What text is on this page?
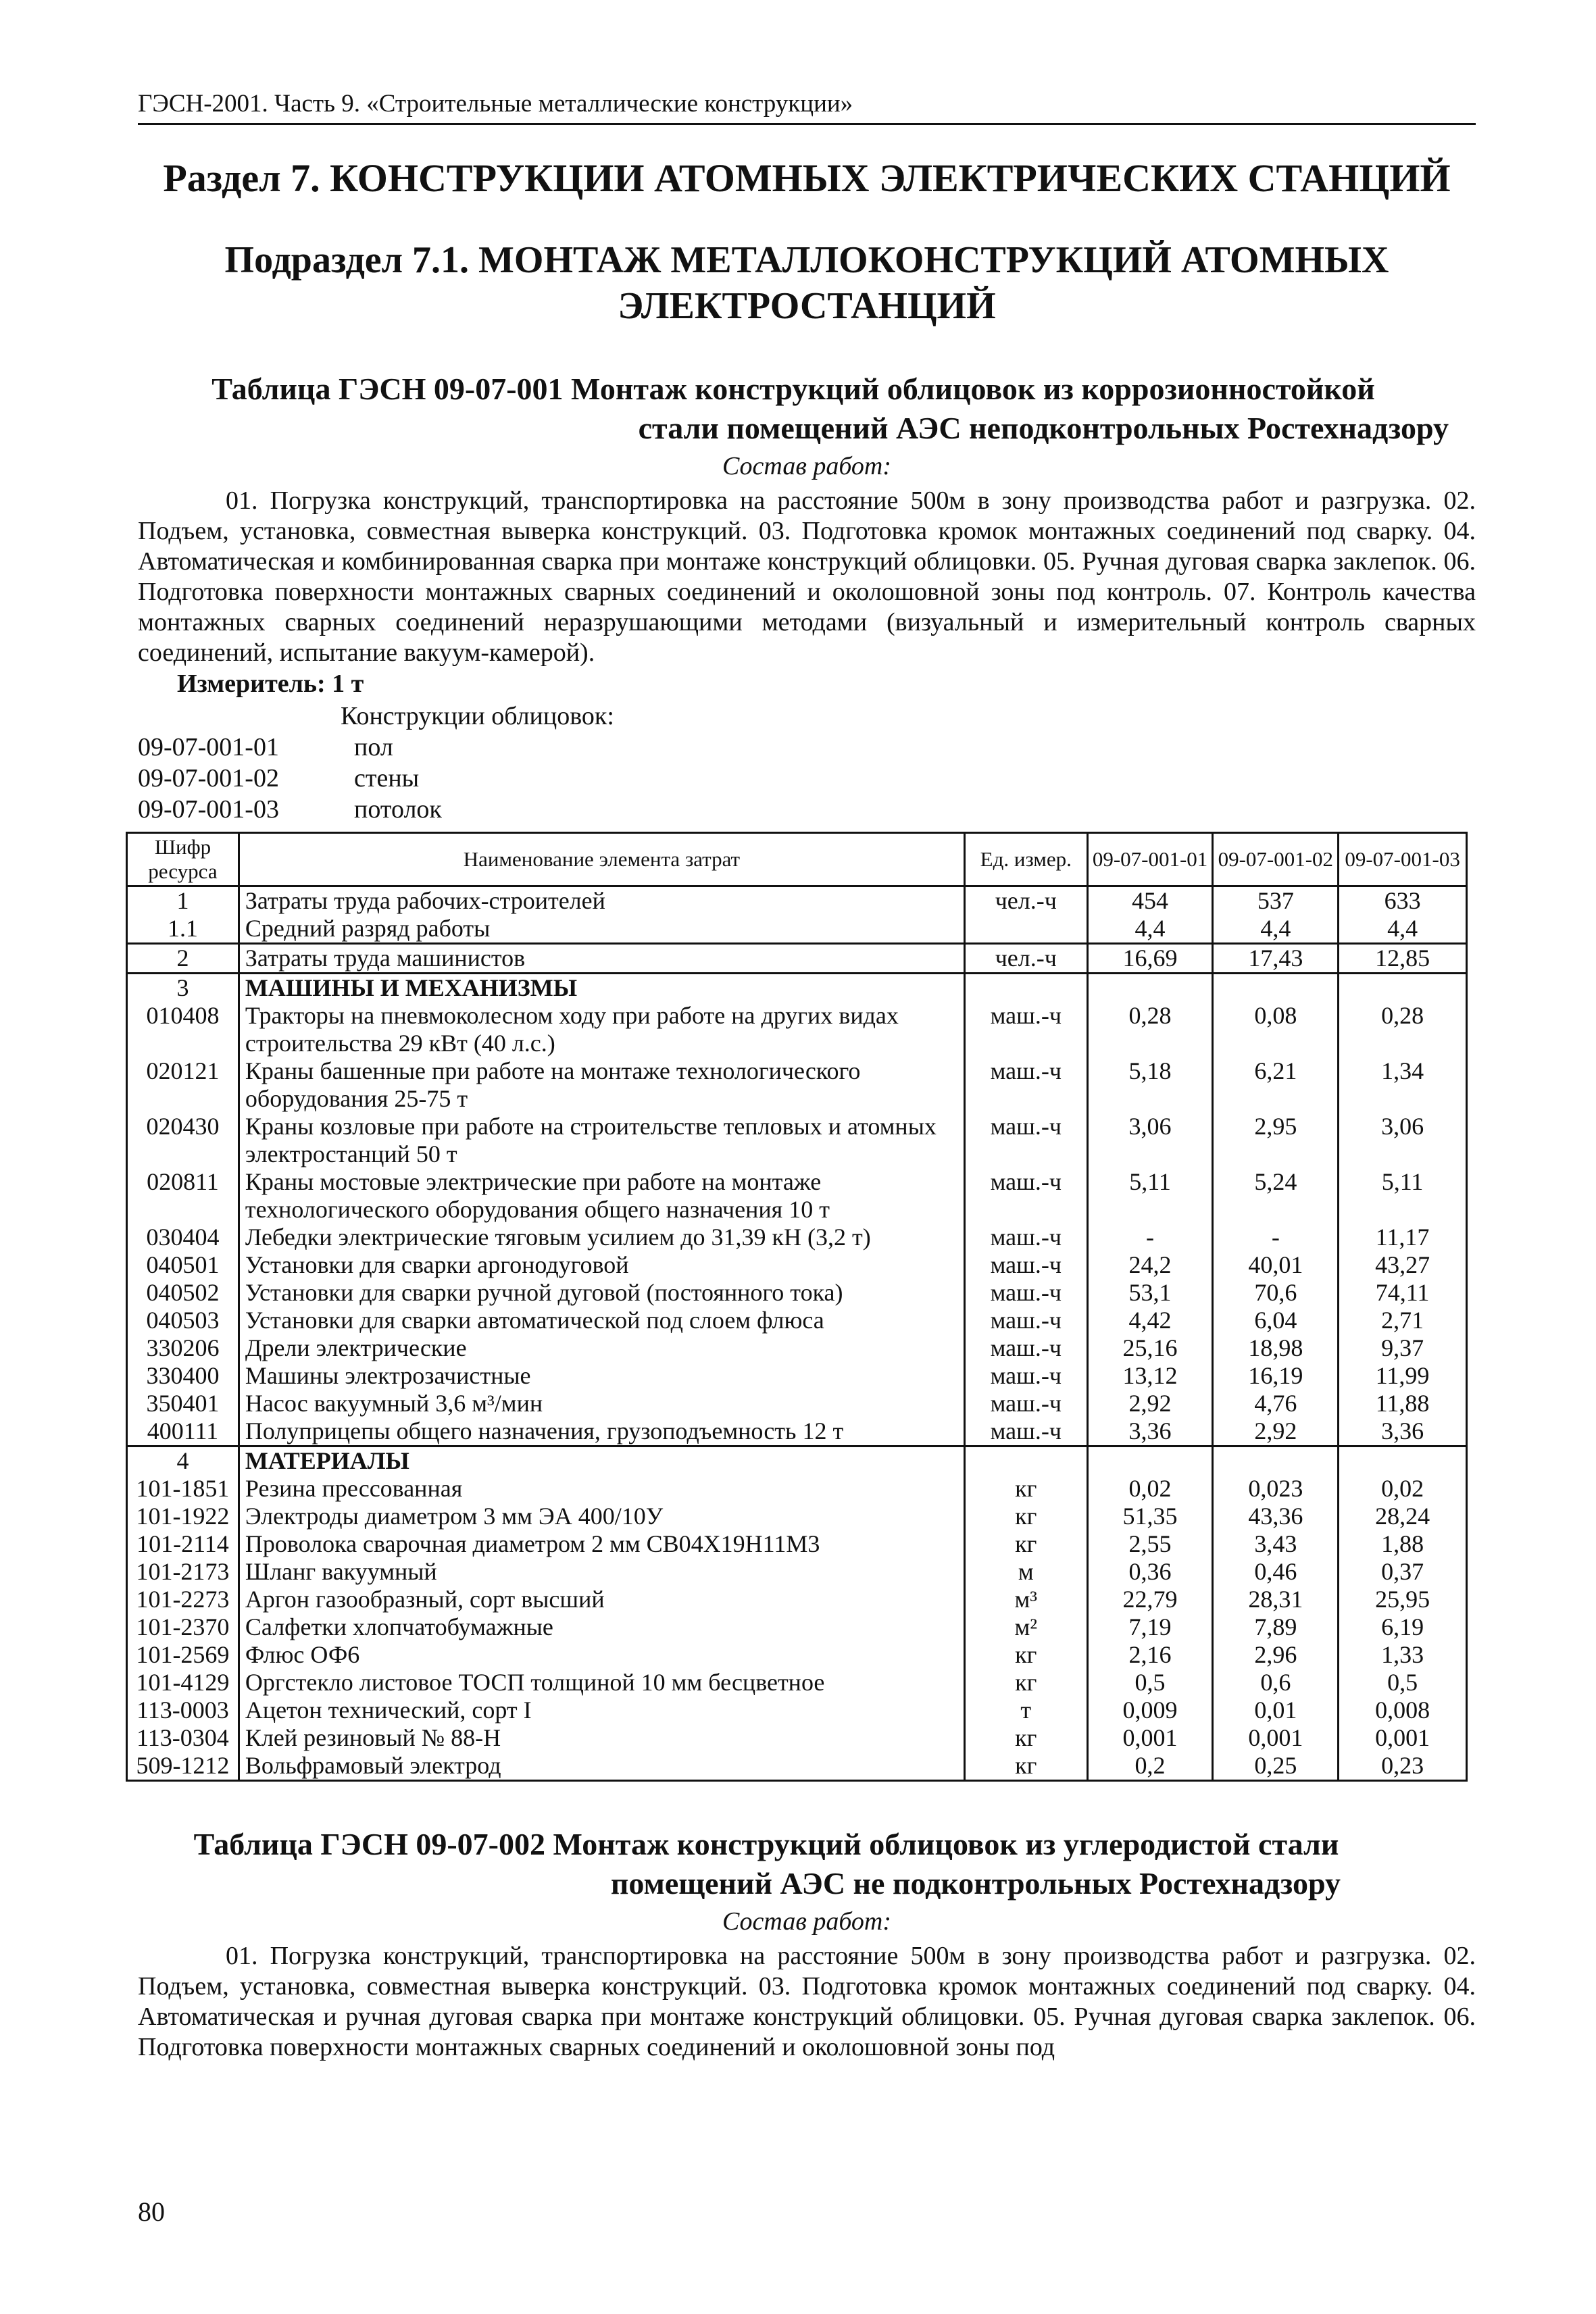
ГЭСН-2001. Часть 9. «Строительные металлические конструкции»
Раздел 7. КОНСТРУКЦИИ АТОМНЫХ ЭЛЕКТРИЧЕСКИХ СТАНЦИЙ
Подраздел 7.1. МОНТАЖ МЕТАЛЛОКОНСТРУКЦИЙ АТОМНЫХ
ЭЛЕКТРОСТАНЦИЙ
Таблица ГЭСН 09-07-001 Монтаж конструкций облицовок из коррозионностойкой
стали помещений АЭС неподконтрольных Ростехнадзору
Состав работ:

01. Погрузка конструкций, транспортировка на расстояние 500м в зону производства работ и разгрузка. 02. Подъем, установка, совместная выверка конструкций. 03. Подготовка кромок монтажных соединений под сварку. 04. Автоматическая и комбинированная сварка при монтаже конструкций облицовки. 05. Ручная дуговая сварка заклепок. 06. Подготовка поверхности монтажных сварных соединений и околошовной зоны под контроль. 07. Контроль качества монтажных сварных соединений неразрушающими методами (визуальный и измерительный контроль сварных соединений, испытание вакуум-камерой).

Измеритель: 1 т
Конструкции облицовок:
09-07-001-01	пол
09-07-001-02	стены
09-07-001-03	потолок
Шифр ресурса	Наименование элемента затрат	Ед. измер.	09-07-001-01	09-07-001-02	09-07-001-03
1	Затраты труда рабочих-строителей	чел.-ч	454	537	633
1.1	Средний разряд работы		4,4	4,4	4,4
2	Затраты труда машинистов	чел.-ч	16,69	17,43	12,85
3	МАШИНЫ И МЕХАНИЗМЫ				
010408	Тракторы на пневмоколесном ходу при работе на других видах строительства 29 кВт (40 л.с.)	маш.-ч	0,28	0,08	0,28
020121	Краны башенные при работе на монтаже технологического оборудования 25-75 т	маш.-ч	5,18	6,21	1,34
020430	Краны козловые при работе на строительстве тепловых и атомных электростанций 50 т	маш.-ч	3,06	2,95	3,06
020811	Краны мостовые электрические при работе на монтаже технологического оборудования общего назначения 10 т	маш.-ч	5,11	5,24	5,11
030404	Лебедки электрические тяговым усилием до 31,39 кН (3,2 т)	маш.-ч	-	-	11,17
040501	Установки для сварки аргонодуговой	маш.-ч	24,2	40,01	43,27
040502	Установки для сварки ручной дуговой (постоянного тока)	маш.-ч	53,1	70,6	74,11
040503	Установки для сварки автоматической под слоем флюса	маш.-ч	4,42	6,04	2,71
330206	Дрели электрические	маш.-ч	25,16	18,98	9,37
330400	Машины электрозачистные	маш.-ч	13,12	16,19	11,99
350401	Насос вакуумный 3,6 м³/мин	маш.-ч	2,92	4,76	11,88
400111	Полуприцепы общего назначения, грузоподъемность 12 т	маш.-ч	3,36	2,92	3,36
4	МАТЕРИАЛЫ				
101-1851	Резина прессованная	кг	0,02	0,023	0,02
101-1922	Электроды диаметром 3 мм ЭА 400/10У	кг	51,35	43,36	28,24
101-2114	Проволока сварочная диаметром 2 мм СВ04Х19Н11М3	кг	2,55	3,43	1,88
101-2173	Шланг вакуумный	м	0,36	0,46	0,37
101-2273	Аргон газообразный, сорт высший	м³	22,79	28,31	25,95
101-2370	Салфетки хлопчатобумажные	м²	7,19	7,89	6,19
101-2569	Флюс ОФ6	кг	2,16	2,96	1,33
101-4129	Оргстекло листовое ТОСП толщиной 10 мм бесцветное	кг	0,5	0,6	0,5
113-0003	Ацетон технический, сорт I	т	0,009	0,01	0,008
113-0304	Клей резиновый № 88-Н	кг	0,001	0,001	0,001
509-1212	Вольфрамовый электрод	кг	0,2	0,25	0,23
Таблица ГЭСН 09-07-002 Монтаж конструкций облицовок из углеродистой стали
помещений АЭС не подконтрольных Ростехнадзору
Состав работ:

01. Погрузка конструкций, транспортировка на расстояние 500м в зону производства работ и разгрузка. 02. Подъем, установка, совместная выверка конструкций. 03. Подготовка кромок монтажных соединений под сварку. 04. Автоматическая и ручная дуговая сварка при монтаже конструкций облицовки. 05. Ручная дуговая сварка заклепок. 06. Подготовка поверхности монтажных сварных соединений и околошовной зоны под

80
